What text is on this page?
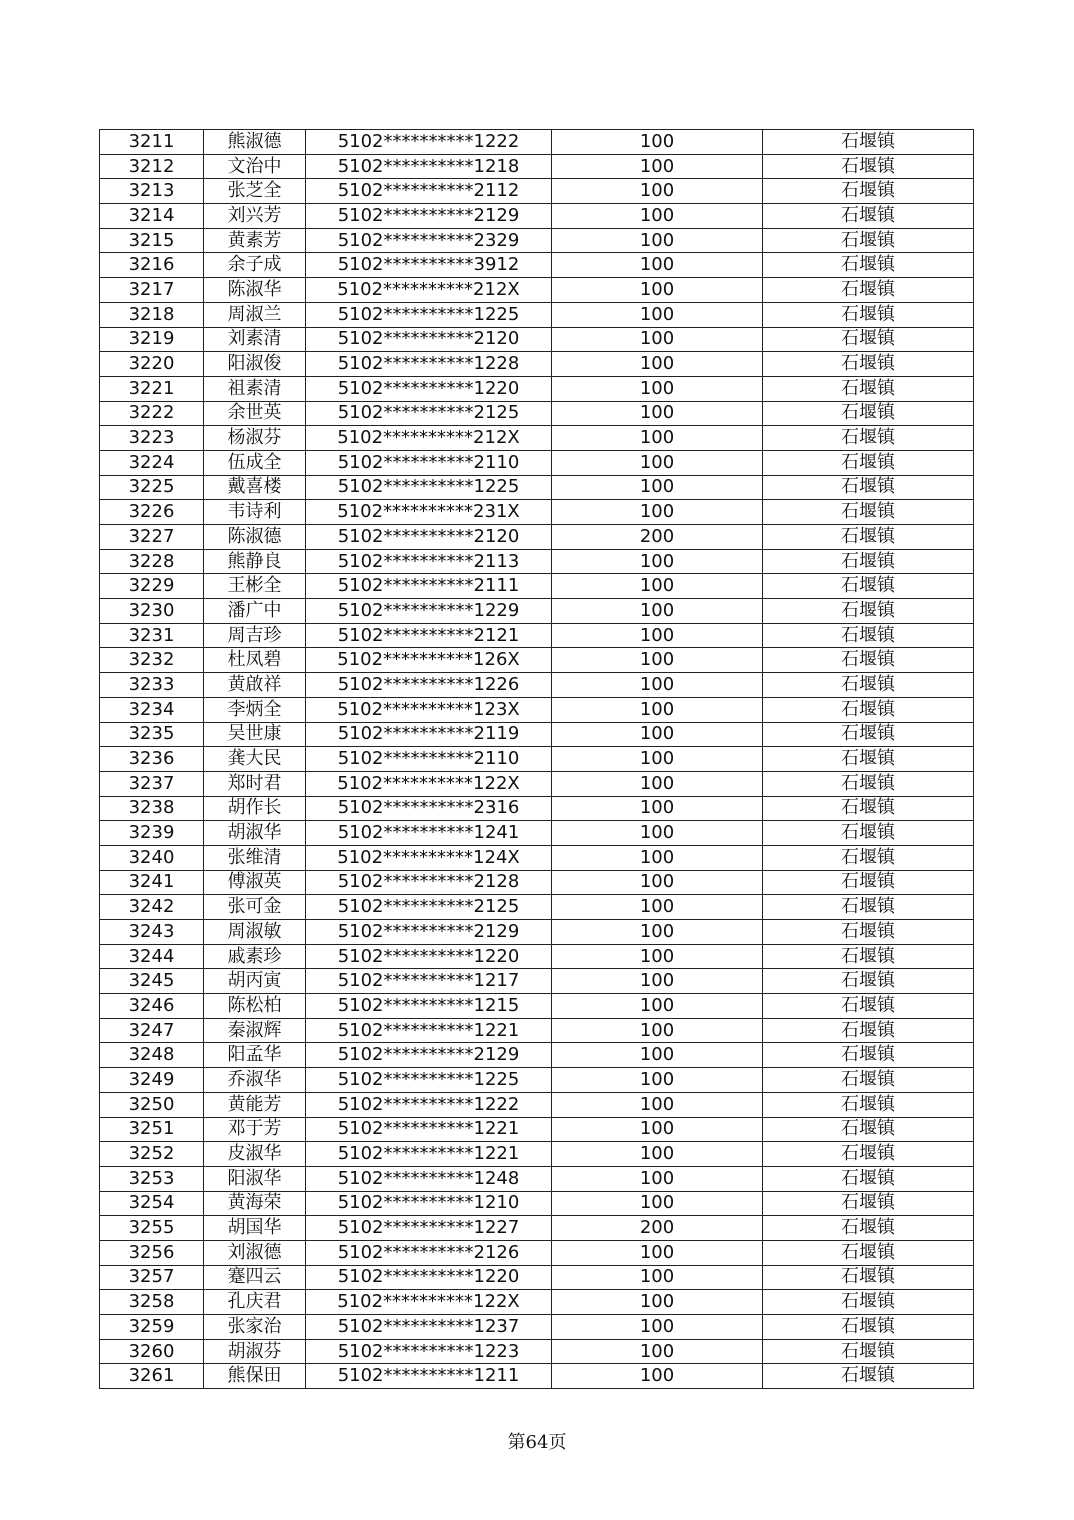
3211	熊淑德	5102**********1222	100	石堰镇
3212	文治中	5102**********1218	100	石堰镇
3213	张芝全	5102**********2112	100	石堰镇
3214	刘兴芳	5102**********2129	100	石堰镇
3215	黄素芳	5102**********2329	100	石堰镇
3216	余子成	5102**********3912	100	石堰镇
3217	陈淑华	5102**********212X	100	石堰镇
3218	周淑兰	5102**********1225	100	石堰镇
3219	刘素清	5102**********2120	100	石堰镇
3220	阳淑俊	5102**********1228	100	石堰镇
3221	祖素清	5102**********1220	100	石堰镇
3222	余世英	5102**********2125	100	石堰镇
3223	杨淑芬	5102**********212X	100	石堰镇
3224	伍成全	5102**********2110	100	石堰镇
3225	戴喜楼	5102**********1225	100	石堰镇
3226	韦诗利	5102**********231X	100	石堰镇
3227	陈淑德	5102**********2120	200	石堰镇
3228	熊静良	5102**********2113	100	石堰镇
3229	王彬全	5102**********2111	100	石堰镇
3230	潘广中	5102**********1229	100	石堰镇
3231	周吉珍	5102**********2121	100	石堰镇
3232	杜凤碧	5102**********126X	100	石堰镇
3233	黄啟祥	5102**********1226	100	石堰镇
3234	李炳全	5102**********123X	100	石堰镇
3235	吴世康	5102**********2119	100	石堰镇
3236	龚大民	5102**********2110	100	石堰镇
3237	郑时君	5102**********122X	100	石堰镇
3238	胡作长	5102**********2316	100	石堰镇
3239	胡淑华	5102**********1241	100	石堰镇
3240	张维清	5102**********124X	100	石堰镇
3241	傅淑英	5102**********2128	100	石堰镇
3242	张可金	5102**********2125	100	石堰镇
3243	周淑敏	5102**********2129	100	石堰镇
3244	戚素珍	5102**********1220	100	石堰镇
3245	胡丙寅	5102**********1217	100	石堰镇
3246	陈松柏	5102**********1215	100	石堰镇
3247	秦淑辉	5102**********1221	100	石堰镇
3248	阳孟华	5102**********2129	100	石堰镇
3249	乔淑华	5102**********1225	100	石堰镇
3250	黄能芳	5102**********1222	100	石堰镇
3251	邓于芳	5102**********1221	100	石堰镇
3252	皮淑华	5102**********1221	100	石堰镇
3253	阳淑华	5102**********1248	100	石堰镇
3254	黄海荣	5102**********1210	100	石堰镇
3255	胡国华	5102**********1227	200	石堰镇
3256	刘淑德	5102**********2126	100	石堰镇
3257	蹇四云	5102**********1220	100	石堰镇
3258	孔庆君	5102**********122X	100	石堰镇
3259	张家治	5102**********1237	100	石堰镇
3260	胡淑芬	5102**********1223	100	石堰镇
3261	熊保田	5102**********1211	100	石堰镇
第64页
